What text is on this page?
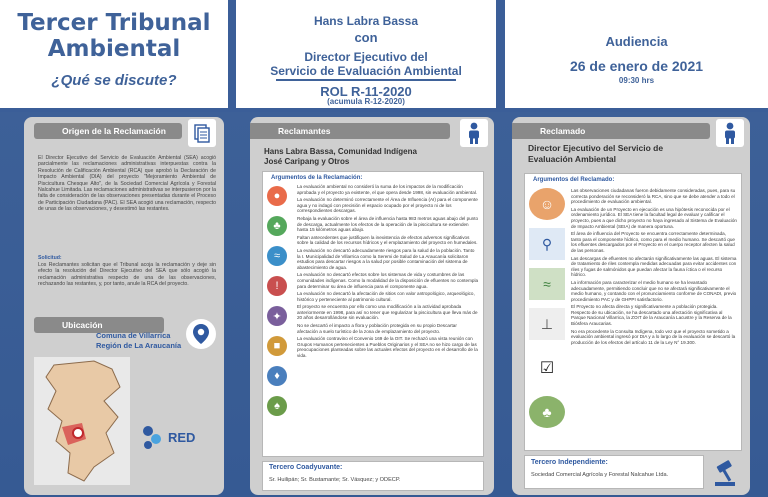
Tercer Tribunal
Ambiental
¿Qué se discute?
Hans Labra Bassa
con
Director Ejecutivo del
Servicio de Evaluación Ambiental
ROL R-11-2020
(acumula R-12-2020)
Audiencia
26 de enero de 2021
09:30 hrs
Origen de la Reclamación
El Director Ejecutivo del Servicio de Evaluación Ambiental (SEA) acogió parcialmente las reclamaciones administrativas interpuestas contra la Resolución de Calificación Ambiental (RCA) que aprobó la Declaración de Impacto Ambiental (DIA) del proyecto "Mejoramiento Ambiental de Piscicultura Chesque Alto", de la Sociedad Comercial Agrícola y Forestal Nalcahue Limitada. Las reclamaciones administrativas se interpusieron por la falta de consideración de las observaciones presentadas durante el Proceso de Participación Ciudadana (PAC). El SEA acogió una reclamación, respecto de unas de las observaciones, y desestimó las restantes.
Solicitud:
Los Reclamantes solicitan que el Tribunal acoja la reclamación y deje sin efecto la resolución del Director Ejecutivo del SEA que sólo acogió la reclamación administrativa respecto de una de las observaciones, rechazando las restantes, y, por tanto, anule la RCA del proyecto.
Ubicación
Comuna de Villarrica
Región de La Araucanía
RED
Reclamantes
Hans Labra Bassa, Comunidad Indígena
José Caripang y Otros
Argumentos de la Reclamación:
●
♣
≈
!
✦
■
♦
♠
La evaluación ambiental no consideró la suma de los impactos de la modificación aprobada y el proyecto ya existente, el que opera desde 1998, sin evaluación ambiental.
La evaluación no determinó correctamente el Área de Influencia (AI) para el componente agua y no indagó con precisión el espacio ocupado por el proyecto ni de los correspondientes descargas.
Rebaja la evaluación sobre el área de influencia hasta 983 metros aguas abajo del punto de descarga, actualmente los efectos de la operación de la piscicultura se extienden hasta 15 kilómetros aguas abajo.
Faltan antecedentes que justifiquen la inexistencia de efectos adversos significativos sobre la calidad de los recursos hídricos y el emplazamiento del proyecto en humedales.
La evaluación no descartó adecuadamente riesgos para la salud de la población. Tanto la I. Municipalidad de Villarrica como la Seremi de Salud de La Araucanía solicitaron estudios para descartar riesgos a la salud por posible contaminación del sistema de abastecimiento de agua.
La evaluación no descartó efectos sobre los sistemas de vida y costumbres de las comunidades indígenas. Como la modalidad de la disposición de efluentes no contempla para determinar su área de influencia para el componente agua.
La evaluación no descartó la afectación de sitios con valor antropológico, arqueológico, histórico y perteneciente al patrimonio cultural.
El proyecto se encuentra por ello como una modificación a la actividad aprobada anteriormente en 1998, para así no tener que regularizar la piscicultura que lleva más de 20 años desarrollándose sin evaluación.
No se descartó el impacto a flora y población protegida en su propio Descartar afectación a suelo turístico de la zona de emplazamiento del proyecto.
La evaluación contravino el Convenio 169 de la OIT. Se rechazó una vista reunión con Grupos Humanos pertenecientes a Pueblos Originarios y el SEA no se hizo cargo de las preocupaciones planteadas sobre las actuales efectos del proyecto en el desarrollo de la vida.
Tercero Coadyuvante:
Sr. Huilipán; Sr. Bustamante; Sr. Vásquez; y ODECP.
Reclamado
Director Ejecutivo del Servicio de
Evaluación Ambiental
Argumentos del Reclamado:
☺
⚲
≈
⊥
☑
♣
Las observaciones ciudadanas fueron debidamente consideradas, pues, para su correcta ponderación se reconsideró la RCA, sino que se debe atender a todo el procedimiento de evaluación ambiental.
La evaluación de un Proyecto en ejecución es una hipótesis reconocida por el ordenamiento jurídico. El SEA tiene la facultad legal de evaluar y calificar el proyecto, pues a que dicho proyecto no haya ingresado al Sistema de Evaluación de Impacto Ambiental (SEIA) de manera oportuna.
El área de influencia del Proyecto se encuentra correctamente determinada, tanto para el componente hídrico, como para el medio humano. Se descartó que los efluentes descargados por el Proyecto en el cuerpo receptor afecten la salud de las personas.
Las descargas de efluentes no afectarán significativamente las aguas. El sistema de tratamiento de riles contempla medidas adecuadas para evitar accidentes con riles y fugas de salmónidos que puedan afectar la fauna íctica o el recurso hídrico.
La información para caracterizar el medio humano se ha levantado adecuadamente, permitiendo concluir que no se afectará significativamente el medio humano, y contando con el pronunciamiento conforme de CONADI, previo procedimiento PAC y de GHPPI satisfactorio.
El Proyecto no afecta directa y significativamente a población protegida. Respecto de su ubicación, se ha descartado una afectación significativa al Parque Nacional Villarrica, la ZOIT de la Araucanía Lacustre y la Reserva de la Biósfera Araucarias.
No era procedente la Consulta Indígena, todo vez que el proyecto sometido a evaluación ambiental ingresó por DIA y a lo largo de la evaluación se descartó la producción de los efectos del artículo 11 de la Ley N° 19.300.
Tercero Independiente:
Sociedad Comercial Agrícola y Forestal Nalcahue Ltda.
